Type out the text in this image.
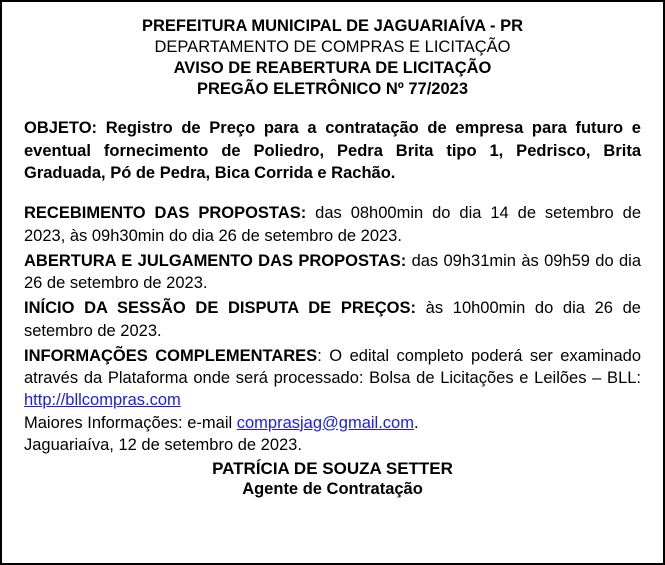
PREFEITURA MUNICIPAL DE JAGUARIAÍVA - PR
DEPARTAMENTO DE COMPRAS E LICITAÇÃO
AVISO DE REABERTURA DE LICITAÇÃO
PREGÃO ELETRÔNICO Nº 77/2023

OBJETO: Registro de Preço para a contratação de empresa para futuro e eventual fornecimento de Poliedro, Pedra Brita tipo 1, Pedrisco, Brita Graduada, Pó de Pedra, Bica Corrida e Rachão.

RECEBIMENTO DAS PROPOSTAS: das 08h00min do dia 14 de setembro de 2023, às 09h30min do dia 26 de setembro de 2023.

ABERTURA E JULGAMENTO DAS PROPOSTAS: das 09h31min às 09h59 do dia 26 de setembro de 2023.

INÍCIO DA SESSÃO DE DISPUTA DE PREÇOS: às 10h00min do dia 26 de setembro de 2023.

INFORMAÇÕES COMPLEMENTARES: O edital completo poderá ser examinado através da Plataforma onde será processado: Bolsa de Licitações e Leilões – BLL: http://bllcompras.com

Maiores Informações: e-mail comprasjag@gmail.com.

Jaguariaíva, 12 de setembro de 2023.

PATRÍCIA DE SOUZA SETTER
Agente de Contratação
